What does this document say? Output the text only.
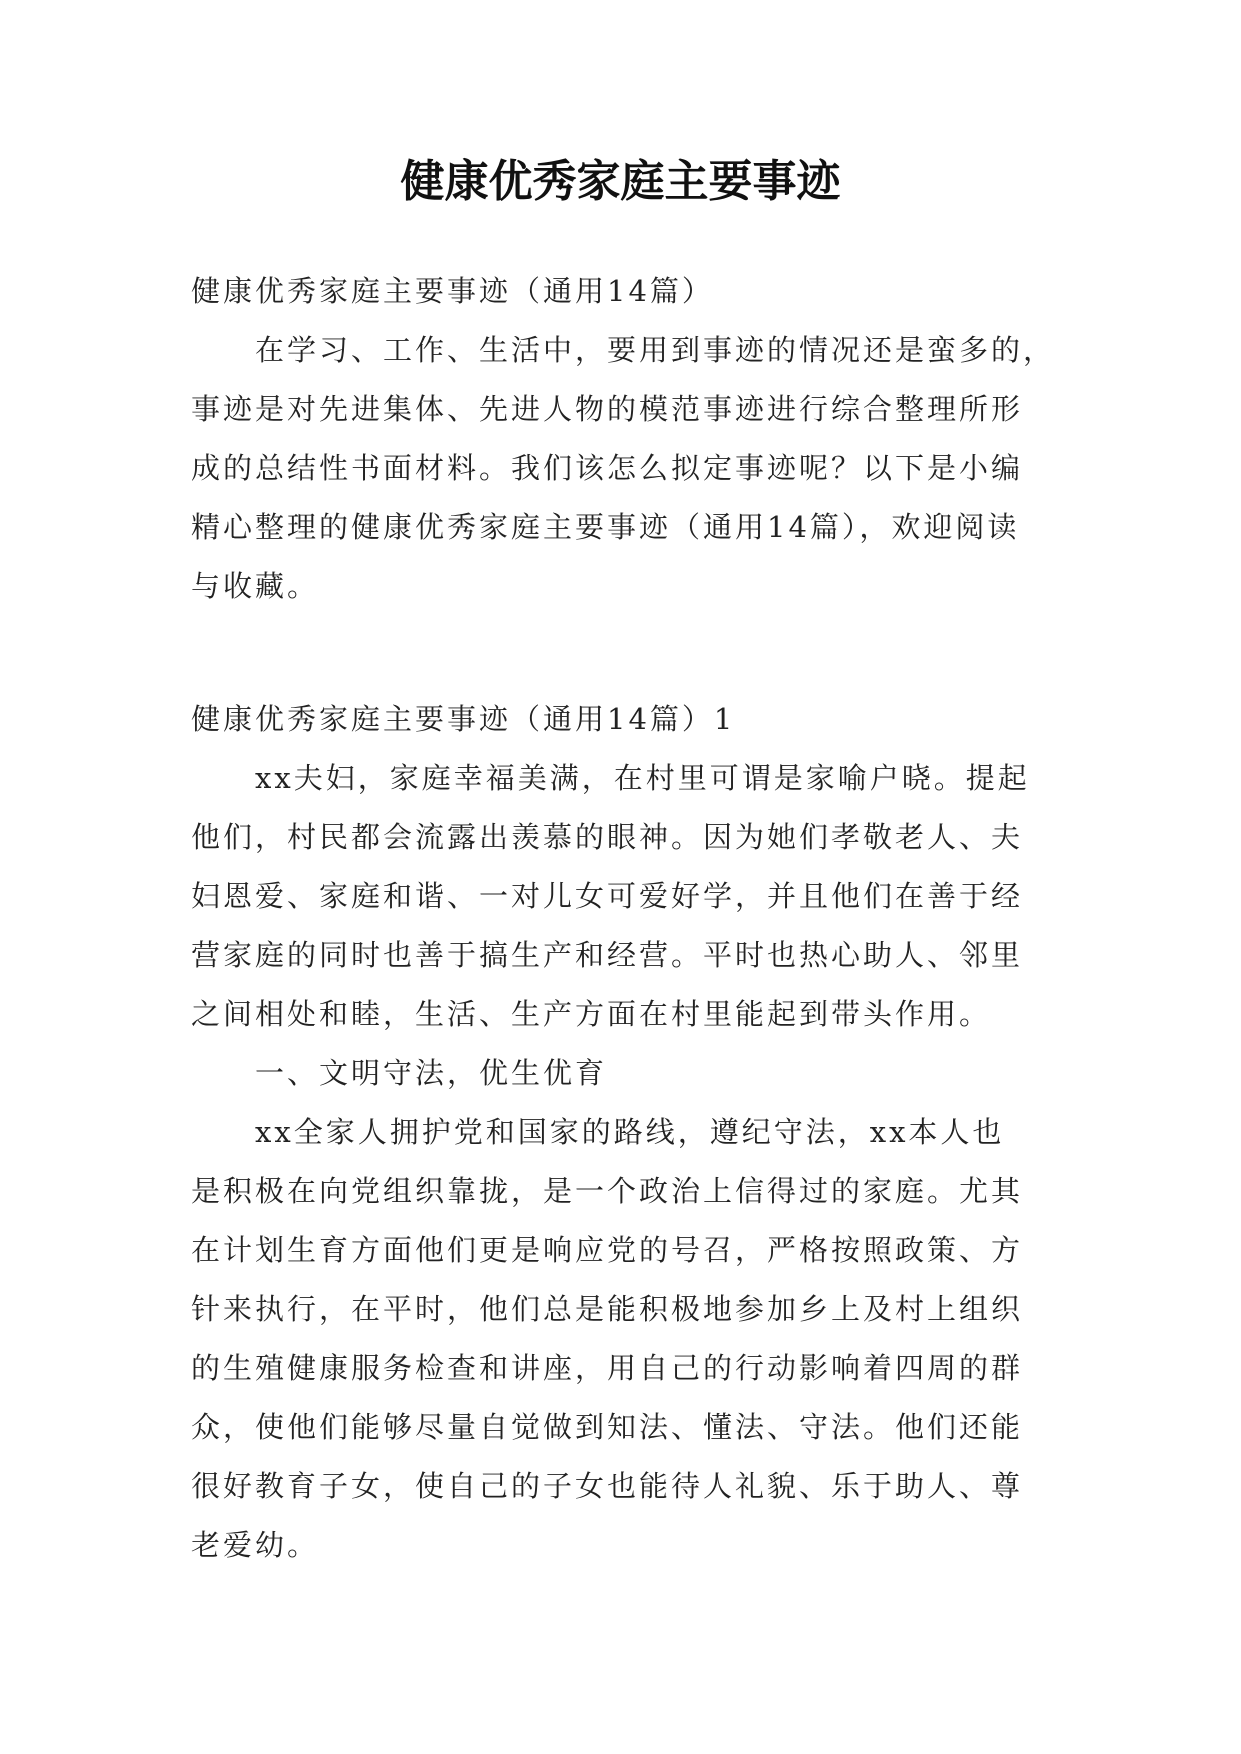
健康优秀家庭主要事迹
健康优秀家庭主要事迹（通用14篇）
在学习、工作、生活中，要用到事迹的情况还是蛮多的，
事迹是对先进集体、先进人物的模范事迹进行综合整理所形
成的总结性书面材料。我们该怎么拟定事迹呢？以下是小编
精心整理的健康优秀家庭主要事迹（通用14篇），欢迎阅读
与收藏。
健康优秀家庭主要事迹（通用14篇）1
xx夫妇，家庭幸福美满，在村里可谓是家喻户晓。提起
他们，村民都会流露出羡慕的眼神。因为她们孝敬老人、夫
妇恩爱、家庭和谐、一对儿女可爱好学，并且他们在善于经
营家庭的同时也善于搞生产和经营。平时也热心助人、邻里
之间相处和睦，生活、生产方面在村里能起到带头作用。
一、文明守法，优生优育
xx全家人拥护党和国家的路线，遵纪守法，xx本人也
是积极在向党组织靠拢，是一个政治上信得过的家庭。尤其
在计划生育方面他们更是响应党的号召，严格按照政策、方
针来执行，在平时，他们总是能积极地参加乡上及村上组织
的生殖健康服务检查和讲座，用自己的行动影响着四周的群
众，使他们能够尽量自觉做到知法、懂法、守法。他们还能
很好教育子女，使自己的子女也能待人礼貌、乐于助人、尊
老爱幼。
